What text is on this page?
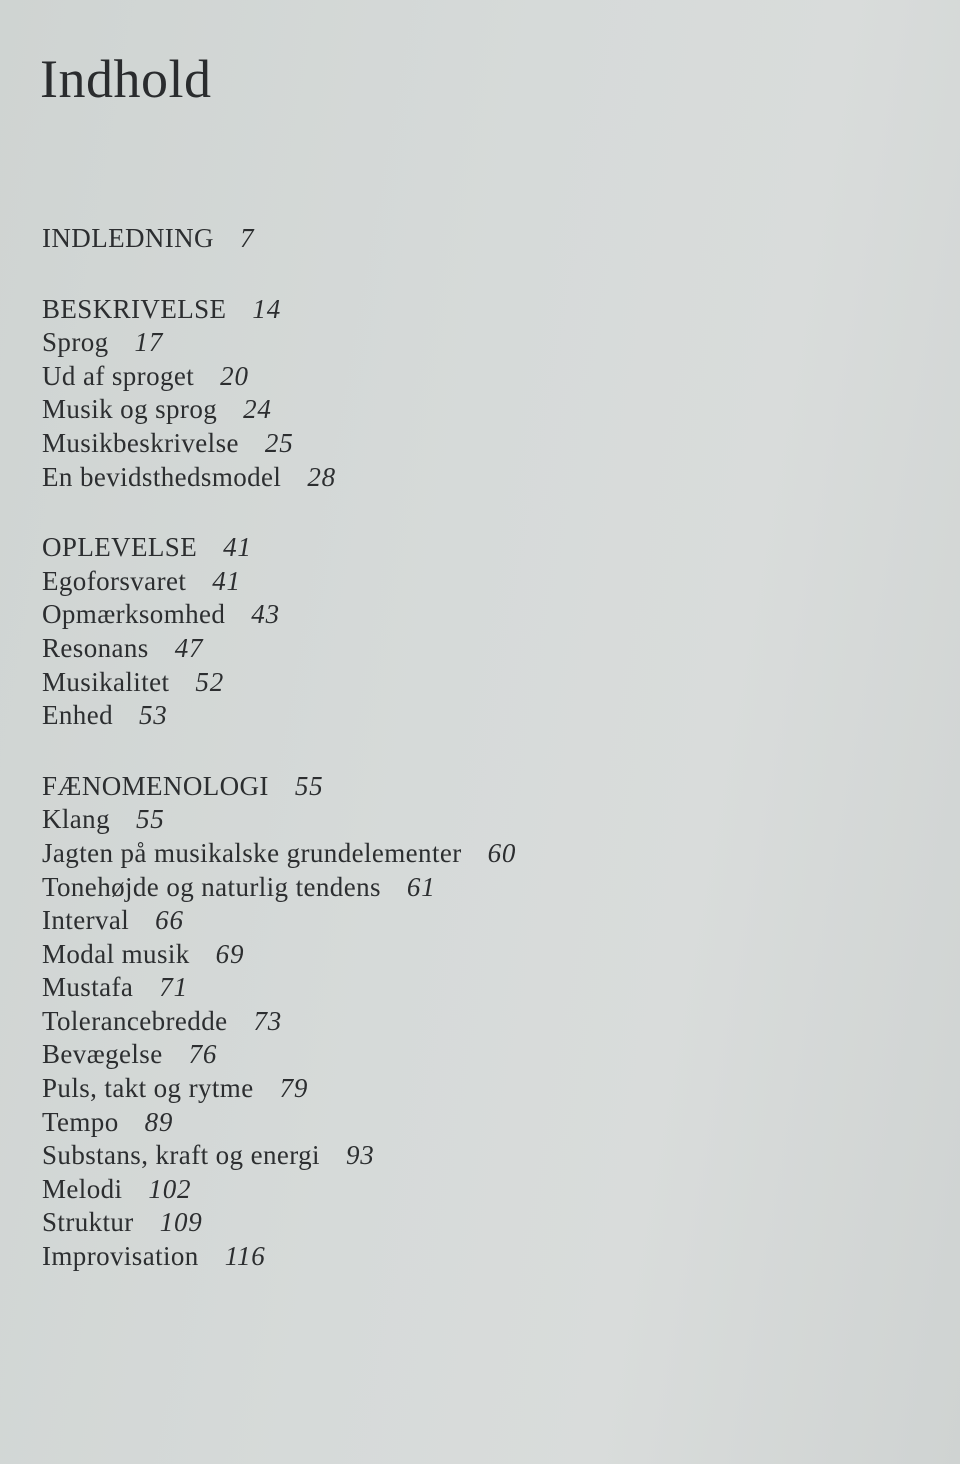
Indhold
INDLEDNING 7
BESKRIVELSE 14
Sprog 17
Ud af sproget 20
Musik og sprog 24
Musikbeskrivelse 25
En bevidsthedsmodel 28
OPLEVELSE 41
Egoforsvaret 41
Opmærksomhed 43
Resonans 47
Musikalitet 52
Enhed 53
FÆNOMENOLOGI 55
Klang 55
Jagten på musikalske grundelementer 60
Tonehøjde og naturlig tendens 61
Interval 66
Modal musik 69
Mustafa 71
Tolerancebredde 73
Bevægelse 76
Puls, takt og rytme 79
Tempo 89
Substans, kraft og energi 93
Melodi 102
Struktur 109
Improvisation 116
